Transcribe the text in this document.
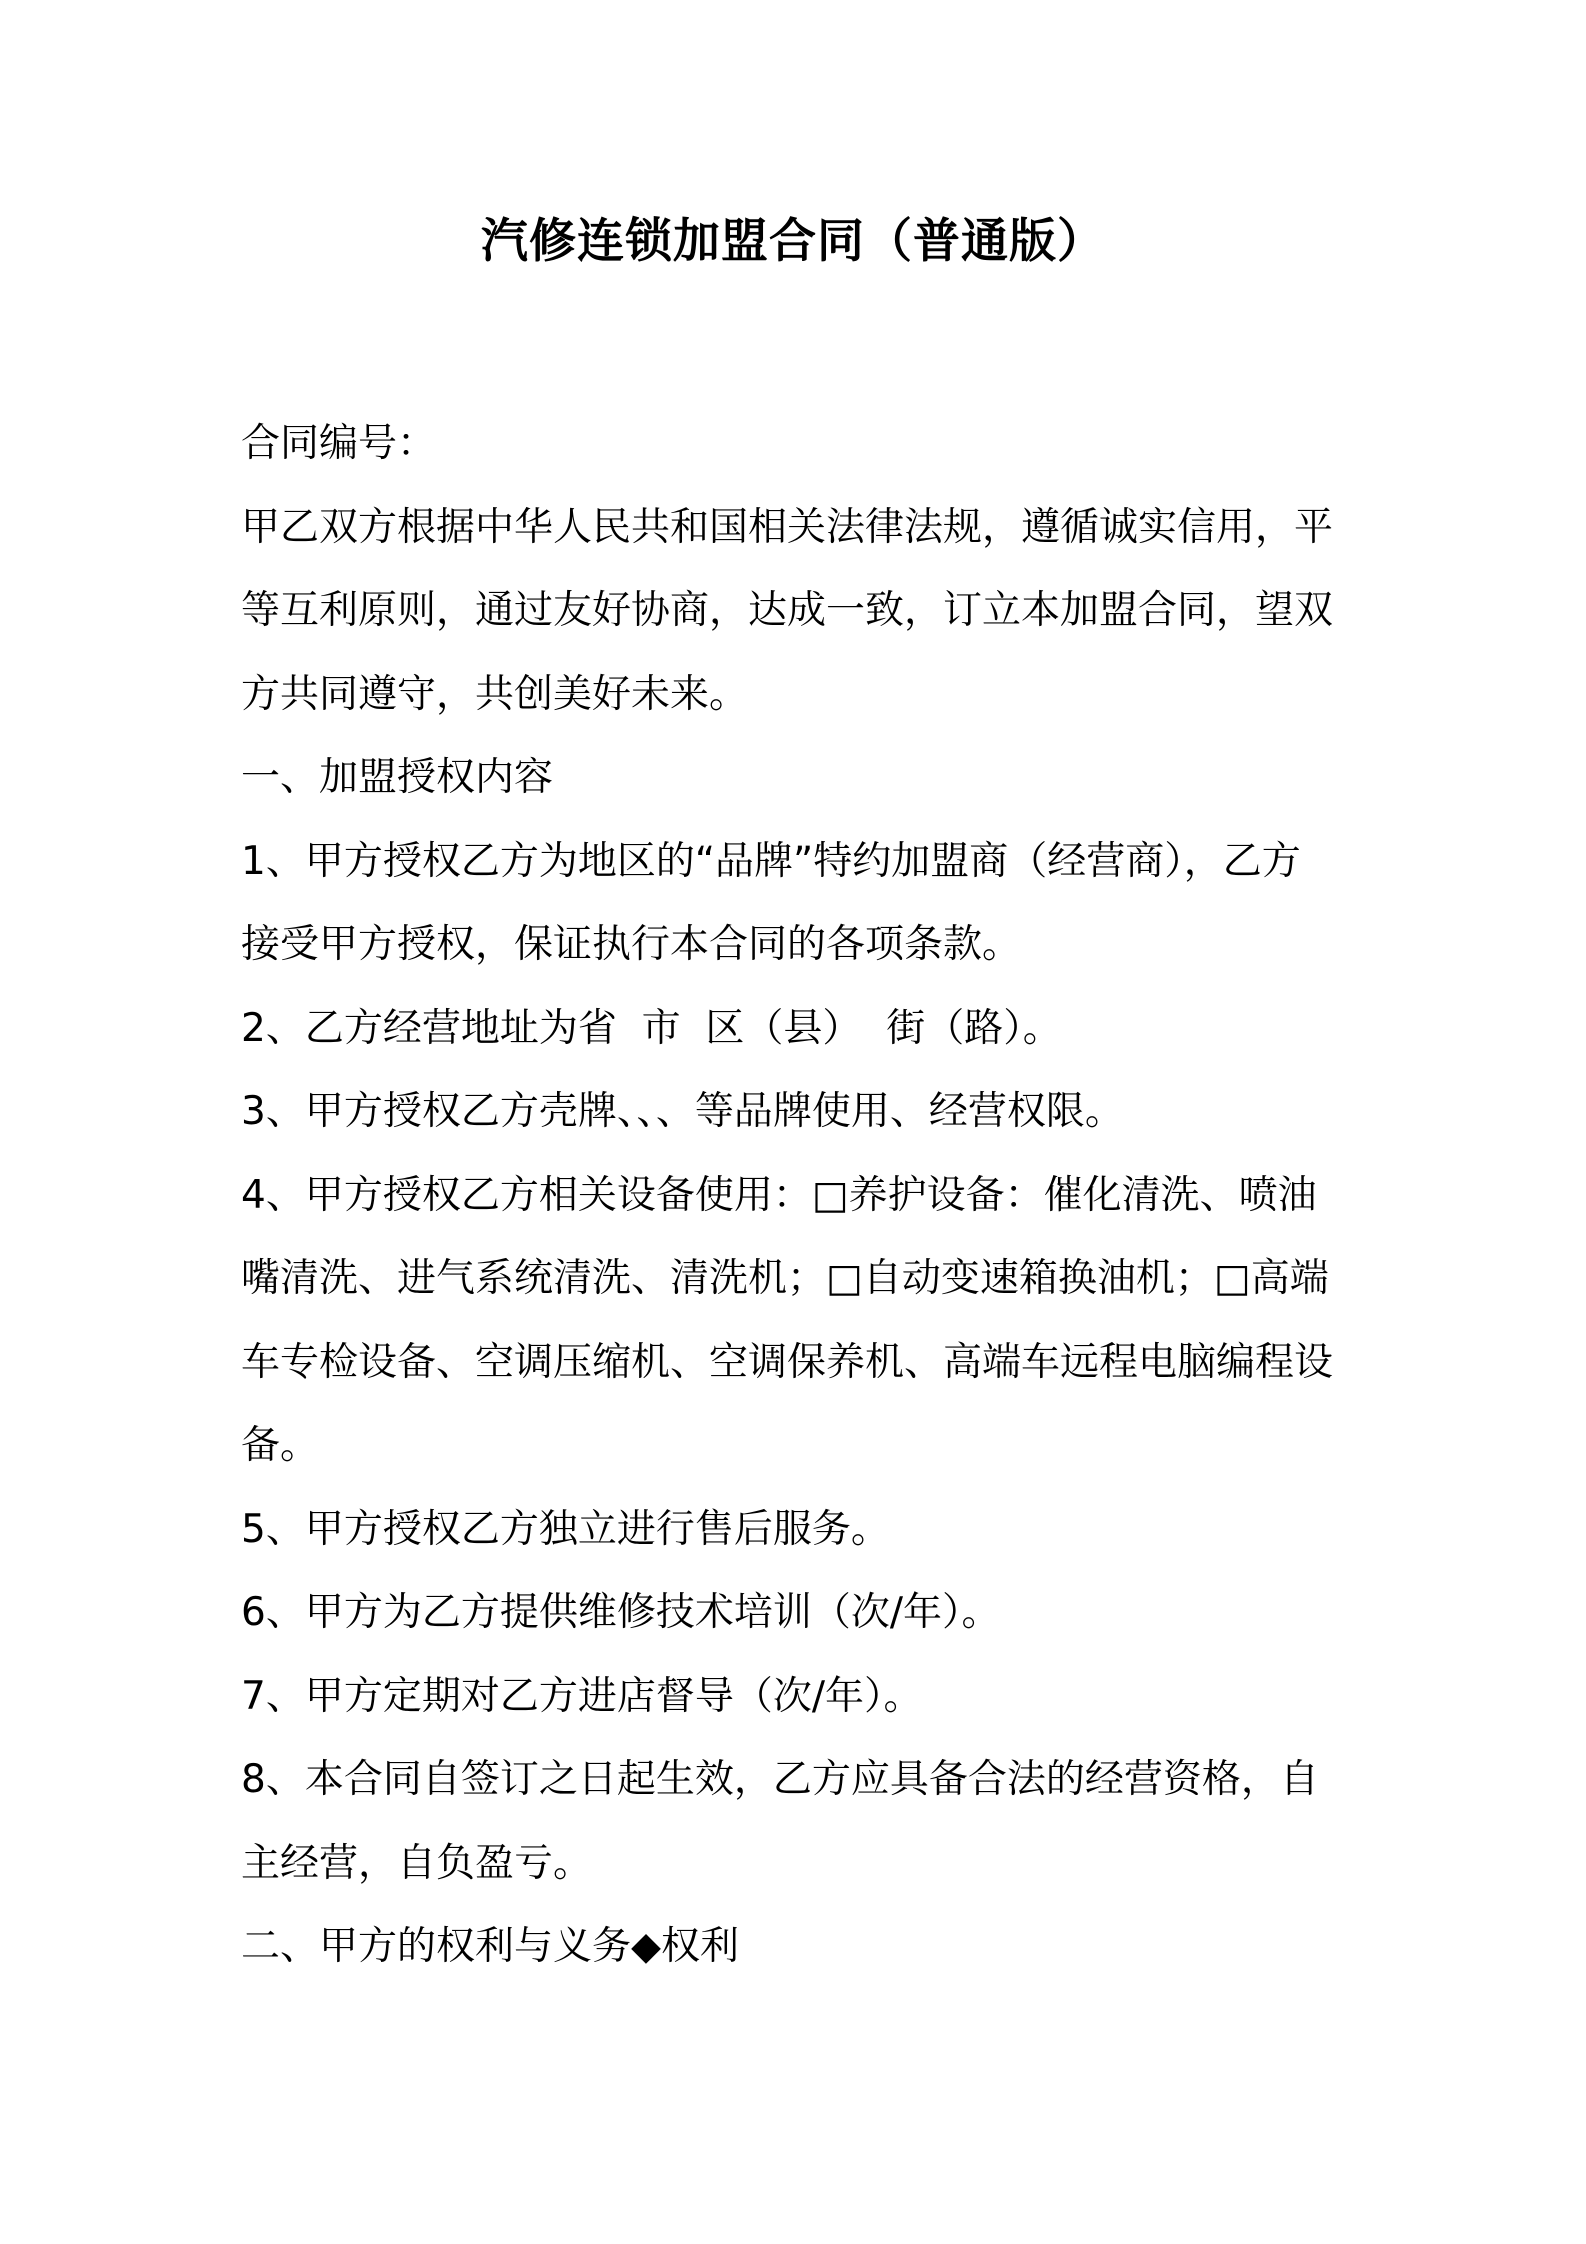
汽修连锁加盟合同（普通版）
合同编号：
甲乙双方根据中华人民共和国相关法律法规，遵循诚实信用，平
等互利原则，通过友好协商，达成一致，订立本加盟合同，望双
方共同遵守，共创美好未来。
一、加盟授权内容
1、甲方授权乙方为地区的“品牌”特约加盟商（经营商），乙方
接受甲方授权，保证执行本合同的各项条款。
2、乙方经营地址为省  市  区（县）  街（路）。
3、甲方授权乙方壳牌、、、等品牌使用、经营权限。
4、甲方授权乙方相关设备使用：□养护设备：催化清洗、喷油
嘴清洗、进气系统清洗、清洗机；□自动变速箱换油机；□高端
车专检设备、空调压缩机、空调保养机、高端车远程电脑编程设
备。
5、甲方授权乙方独立进行售后服务。
6、甲方为乙方提供维修技术培训（次/年）。
7、甲方定期对乙方进店督导（次/年）。
8、本合同自签订之日起生效，乙方应具备合法的经营资格，自
主经营，自负盈亏。
二、甲方的权利与义务◆权利
